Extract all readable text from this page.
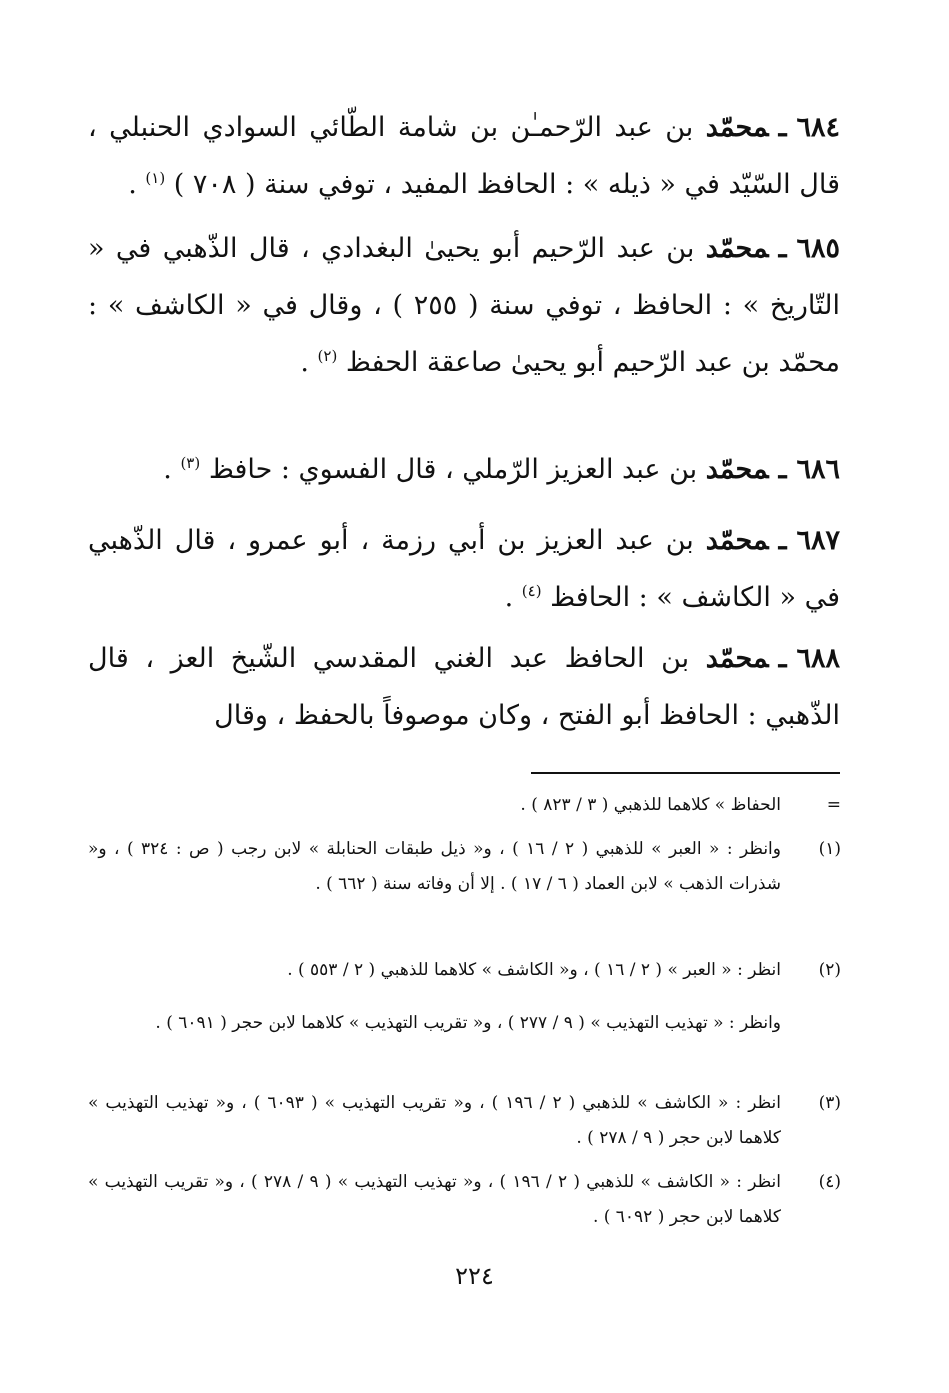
٦٨٤ـمحمّد بن عبد الرّحمـٰن بن شامة الطّائي السوادي الحنبلي ، قال السّيّد في « ذيله » : الحافظ المفيد ، توفي سنة ( ٧٠٨ ) $^{(١)}$ .
٦٨٥ـمحمّد بن عبد الرّحيم أبو يحيىٰ البغدادي ، قال الذّهبي في « التّاريخ » : الحافظ ، توفي سنة ( ٢٥٥ ) ، وقال في « الكاشف » : محمّد بن عبد الرّحيم أبو يحيىٰ صاعقة الحفظ $^{(٢)}$ .
٦٨٦ـمحمّد بن عبد العزيز الرّملي ، قال الفسوي : حافظ $^{(٣)}$ .
٦٨٧ـمحمّد بن عبد العزيز بن أبي رزمة ، أبو عمرو ، قال الذّهبي في « الكاشف » : الحافظ $^{(٤)}$ .
٦٨٨ـمحمّد بن الحافظ عبد الغني المقدسي الشّيخ العز ، قال الذّهبي : الحافظ أبو الفتح ، وكان موصوفاً بالحفظ ، وقال
=
الحفاظ » كلاهما للذهبي ( ٣ / ٨٢٣ ) .
(١)
وانظر : « العبر » للذهبي ( ٢ / ١٦ ) ، و« ذيل طبقات الحنابلة » لابن رجب ( ص : ٣٢٤ ) ، و« شذرات الذهب » لابن العماد ( ٦ / ١٧ ) . إلا أن وفاته سنة ( ٦٦٢ ) .
(٢)
انظر : « العبر » ( ٢ / ١٦ ) ، و« الكاشف » كلاهما للذهبي ( ٢ / ٥٥٣ ) .
وانظر : « تهذيب التهذيب » ( ٩ / ٢٧٧ ) ، و« تقريب التهذيب » كلاهما لابن حجر ( ٦٠٩١ ) .
(٣)
انظر : « الكاشف » للذهبي ( ٢ / ١٩٦ ) ، و« تقريب التهذيب » ( ٦٠٩٣ ) ، و« تهذيب التهذيب » كلاهما لابن حجر ( ٩ / ٢٧٨ ) .
(٤)
انظر : « الكاشف » للذهبي ( ٢ / ١٩٦ ) ، و« تهذيب التهذيب » ( ٩ / ٢٧٨ ) ، و« تقريب التهذيب » كلاهما لابن حجر ( ٦٠٩٢ ) .
٢٢٤
